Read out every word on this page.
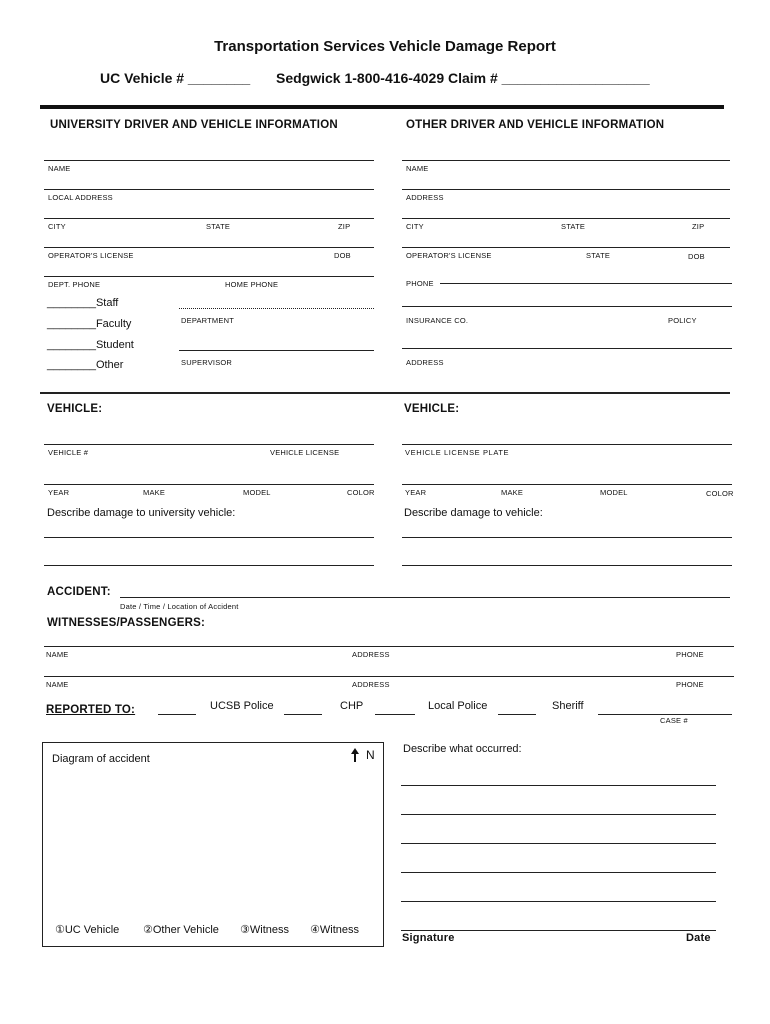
Transportation Services Vehicle Damage Report
UC Vehicle # ________ Sedgwick 1-800-416-4029 Claim # ___________________
UNIVERSITY DRIVER AND VEHICLE INFORMATION	OTHER DRIVER AND VEHICLE INFORMATION
NAME
LOCAL ADDRESS
CITY	STATE	ZIP
OPERATOR'S LICENSE	DOB
DEPT. PHONE	HOME PHONE
________Staff
________Faculty
________Student
________Other
DEPARTMENT
SUPERVISOR
NAME
ADDRESS
CITY	STATE	ZIP
OPERATOR'S LICENSE	STATE	DOB
PHONE
INSURANCE CO.	POLICY
ADDRESS
VEHICLE:
VEHICLE #	VEHICLE LICENSE
YEAR	MAKE	MODEL	COLOR
Describe damage to university vehicle:
VEHICLE:
VEHICLE LICENSE PLATE
YEAR	MAKE	MODEL	COLOR
Describe damage to vehicle:
ACCIDENT:
Date / Time / Location of Accident
WITNESSES/PASSENGERS:
NAME	ADDRESS	PHONE
NAME	ADDRESS	PHONE
REPORTED TO:	UCSB Police	CHP	Local Police	Sheriff
CASE #
Diagram of accident	N
①UC Vehicle ②Other Vehicle ③Witness ④Witness
Describe what occurred:
Signature	Date
